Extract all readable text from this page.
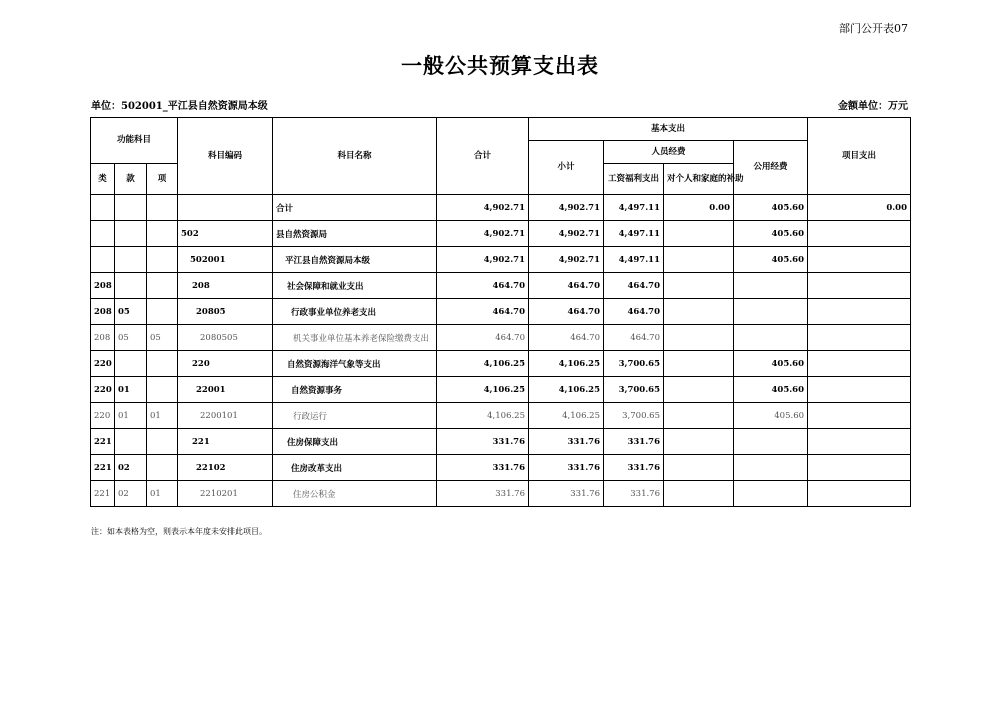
部门公开表07
一般公共预算支出表
单位：502001_平江县自然资源局本级	金额单位：万元
功能科目			科目编码	科目名称	合计	基本支出				项目支出
						小计	人员经费		公用经费	
类	款	项					工资福利支出	对个人和家庭的补助		
				合计	4,902.71	4,902.71	4,497.11	0.00	405.60	0.00
			502	县自然资源局	4,902.71	4,902.71	4,497.11		405.60	
			502001	平江县自然资源局本级	4,902.71	4,902.71	4,497.11		405.60	
208			208	社会保障和就业支出	464.70	464.70	464.70			
208	05		20805	行政事业单位养老支出	464.70	464.70	464.70			
208	05	05	2080505	机关事业单位基本养老保险缴费支出	464.70	464.70	464.70			
220			220	自然资源海洋气象等支出	4,106.25	4,106.25	3,700.65		405.60	
220	01		22001	自然资源事务	4,106.25	4,106.25	3,700.65		405.60	
220	01	01	2200101	行政运行	4,106.25	4,106.25	3,700.65		405.60	
221			221	住房保障支出	331.76	331.76	331.76			
221	02		22102	住房改革支出	331.76	331.76	331.76			
221	02	01	2210201	住房公积金	331.76	331.76	331.76			
注：如本表格为空，则表示本年度未安排此项目。
